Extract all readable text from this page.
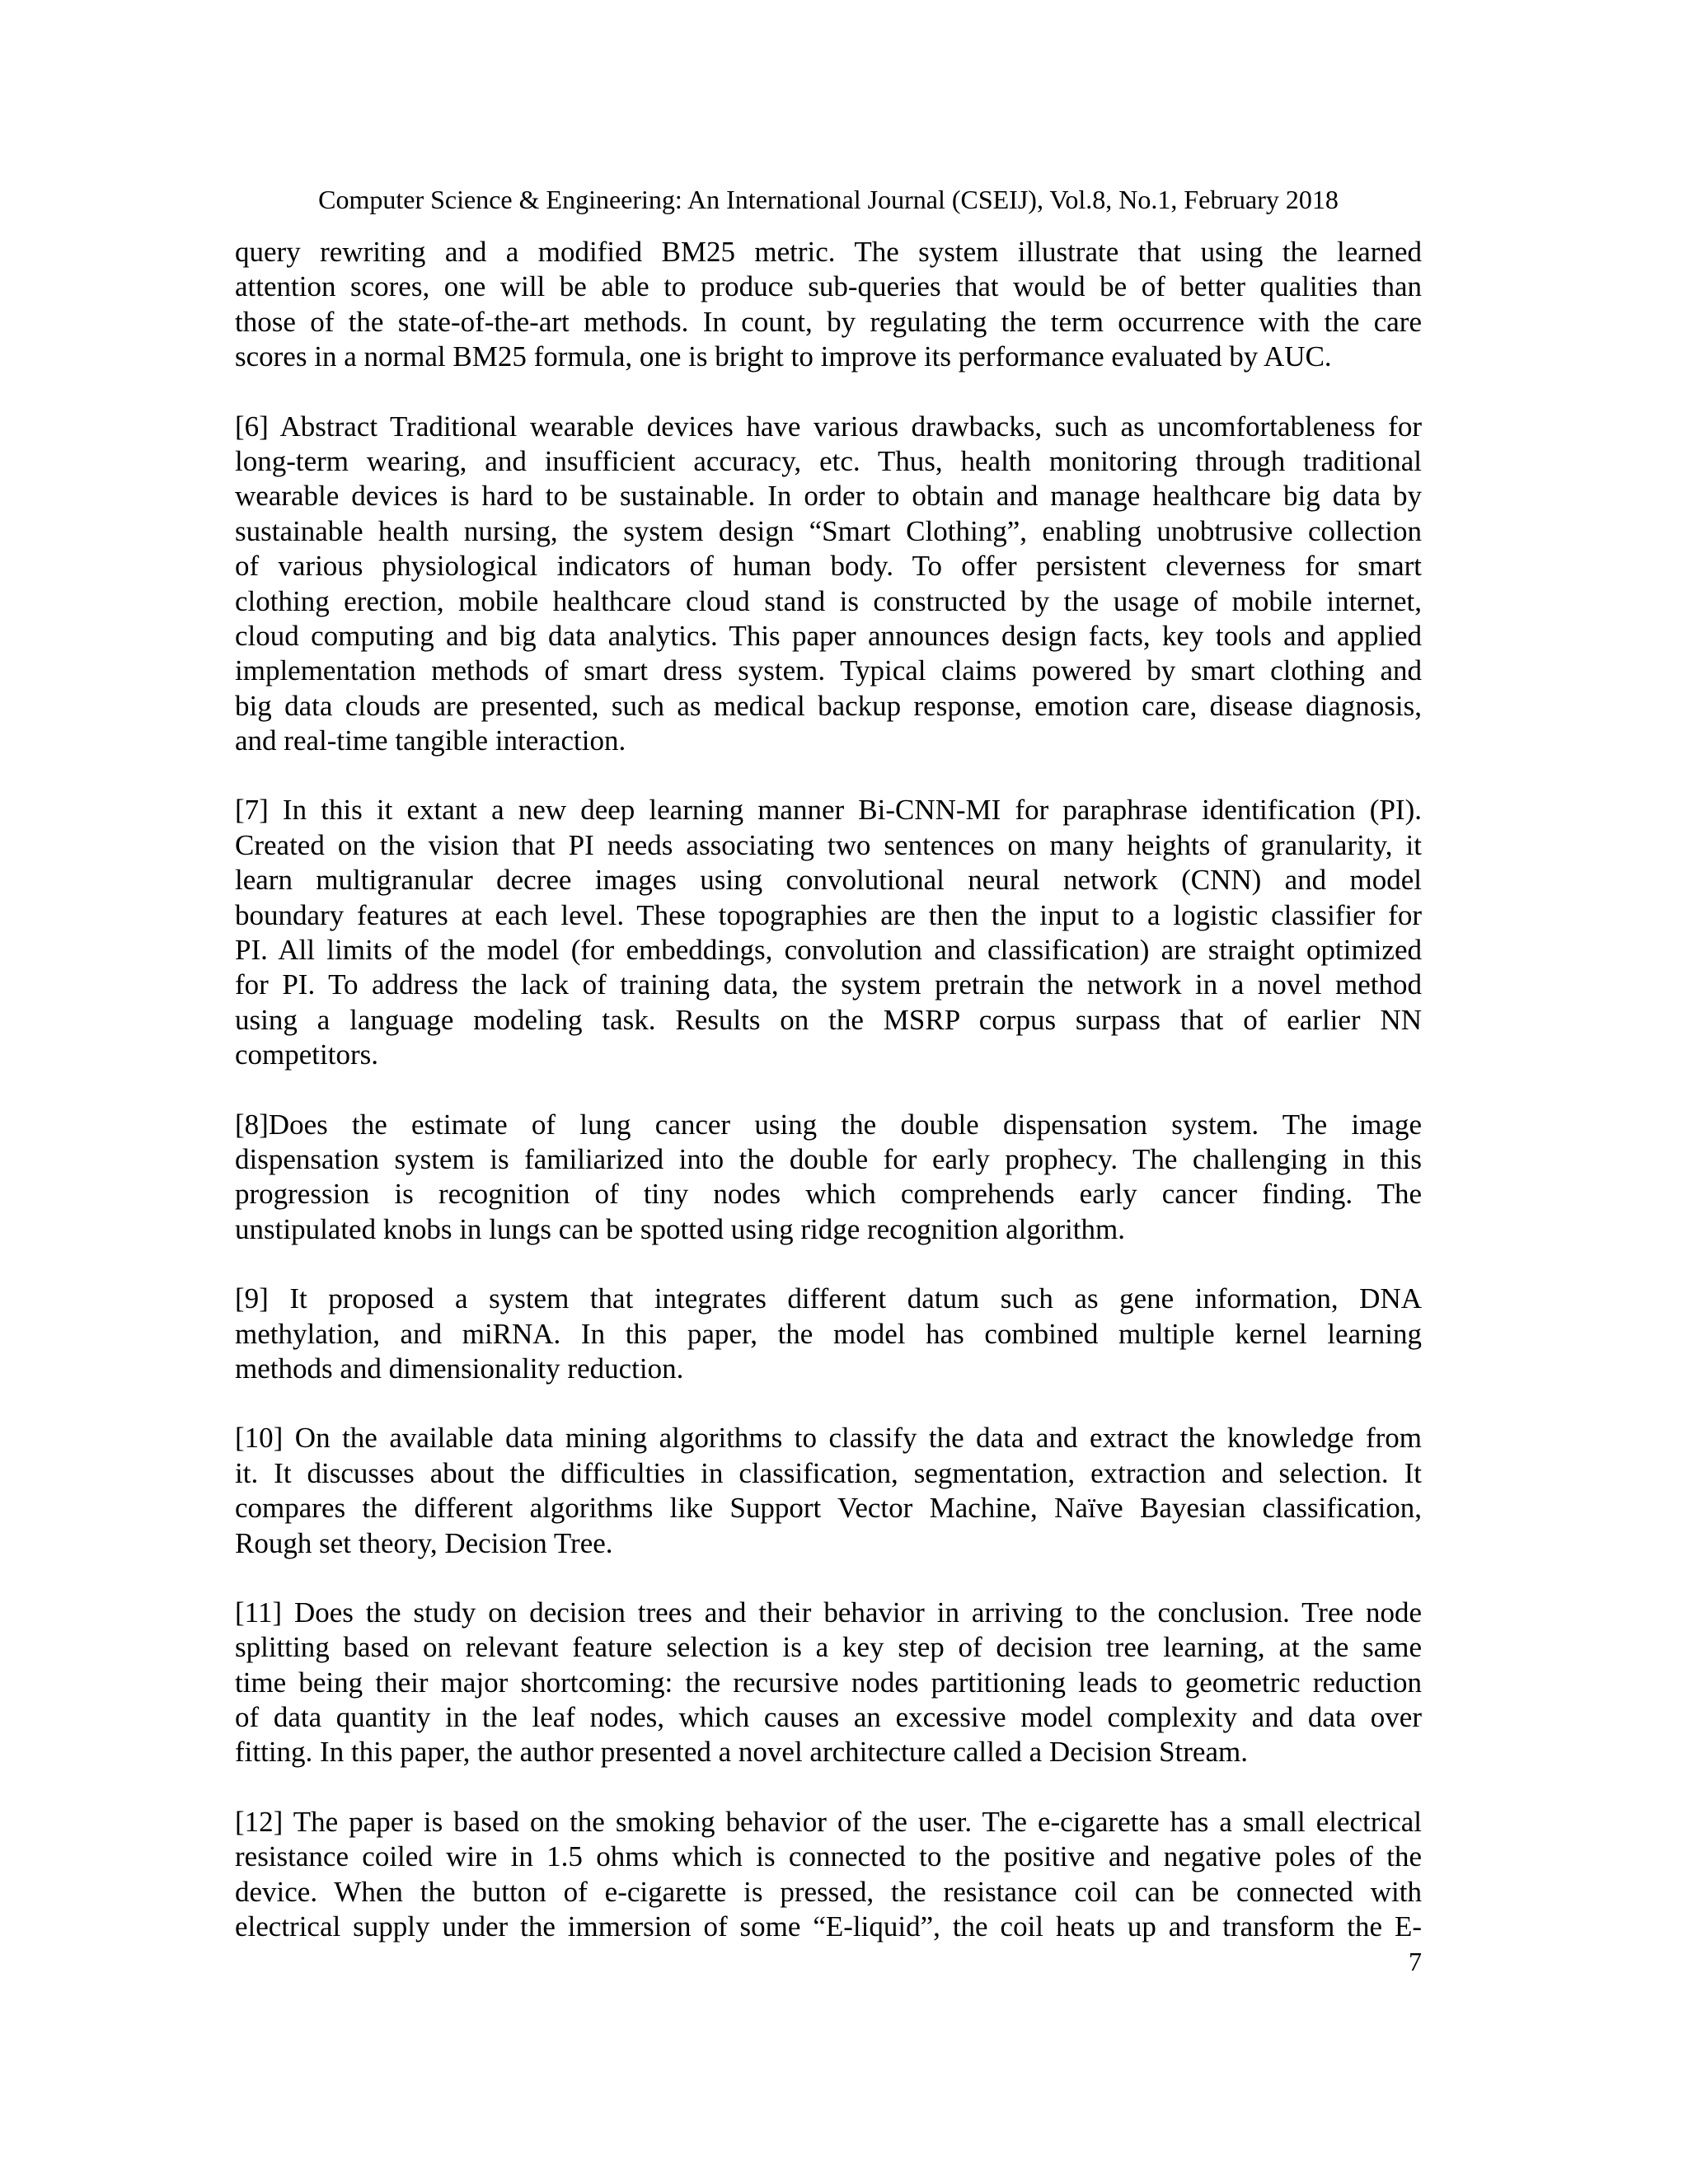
Computer Science & Engineering: An International Journal (CSEIJ), Vol.8, No.1, February 2018
query rewriting and a modified BM25 metric. The system illustrate that using the learned
attention scores, one will be able to produce sub-queries that would be of better qualities than
those of the state-of-the-art methods. In count, by regulating the term occurrence with the care
scores in a normal BM25 formula, one is bright to improve its performance evaluated by AUC.
[6] Abstract Traditional wearable devices have various drawbacks, such as uncomfortableness for
long-term wearing, and insufficient accuracy, etc. Thus, health monitoring through traditional
wearable devices is hard to be sustainable. In order to obtain and manage healthcare big data by
sustainable health nursing, the system design “Smart Clothing”, enabling unobtrusive collection
of various physiological indicators of human body. To offer persistent cleverness for smart
clothing erection, mobile healthcare cloud stand is constructed by the usage of mobile internet,
cloud computing and big data analytics. This paper announces design facts, key tools and applied
implementation methods of smart dress system. Typical claims powered by smart clothing and
big data clouds are presented, such as medical backup response, emotion care, disease diagnosis,
and real-time tangible interaction.
[7] In this it extant a new deep learning manner Bi-CNN-MI for paraphrase identification (PI).
Created on the vision that PI needs associating two sentences on many heights of granularity, it
learn multigranular decree images using convolutional neural network (CNN) and model
boundary features at each level. These topographies are then the input to a logistic classifier for
PI. All limits of the model (for embeddings, convolution and classification) are straight optimized
for PI. To address the lack of training data, the system pretrain the network in a novel method
using a language modeling task. Results on the MSRP corpus surpass that of earlier NN
competitors.
[8]Does the estimate of lung cancer using the double dispensation system. The image
dispensation system is familiarized into the double for early prophecy. The challenging in this
progression is recognition of tiny nodes which comprehends early cancer finding. The
unstipulated knobs in lungs can be spotted using ridge recognition algorithm.
[9] It proposed a system that integrates different datum such as gene information, DNA
methylation, and miRNA. In this paper, the model has combined multiple kernel learning
methods and dimensionality reduction.
[10] On the available data mining algorithms to classify the data and extract the knowledge from
it. It discusses about the difficulties in classification, segmentation, extraction and selection. It
compares the different algorithms like Support Vector Machine, Naïve Bayesian classification,
Rough set theory, Decision Tree.
[11] Does the study on decision trees and their behavior in arriving to the conclusion. Tree node
splitting based on relevant feature selection is a key step of decision tree learning, at the same
time being their major shortcoming: the recursive nodes partitioning leads to geometric reduction
of data quantity in the leaf nodes, which causes an excessive model complexity and data over
fitting. In this paper, the author presented a novel architecture called a Decision Stream.
[12] The paper is based on the smoking behavior of the user. The e-cigarette has a small electrical
resistance coiled wire in 1.5 ohms which is connected to the positive and negative poles of the
device. When the button of e-cigarette is pressed, the resistance coil can be connected with
electrical supply under the immersion of some “E-liquid”, the coil heats up and transform the E-
7
